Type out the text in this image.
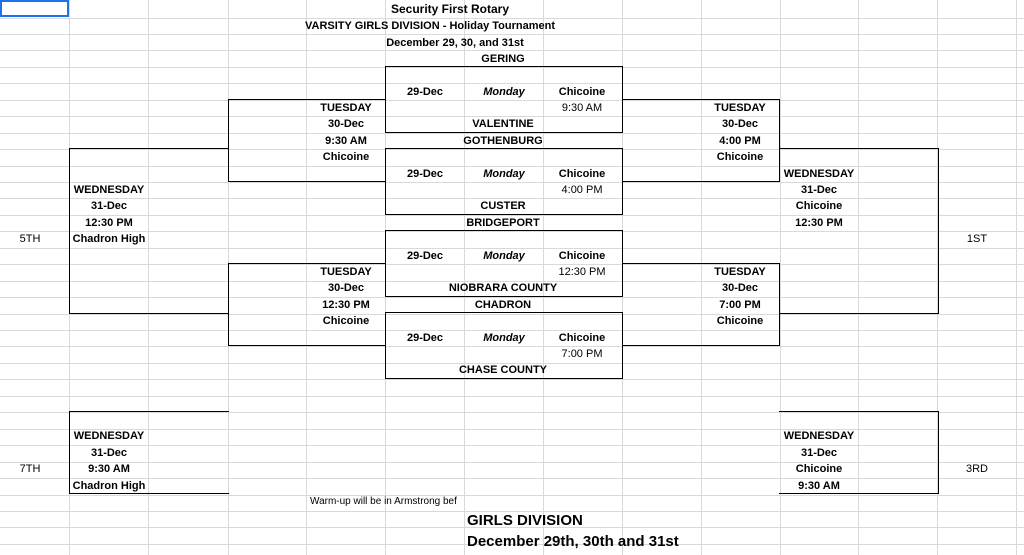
Security First Rotary
VARSITY GIRLS DIVISION - Holiday Tournament
December 29, 30, and 31st
GERING
VALENTINE
GOTHENBURG
CUSTER
BRIDGEPORT
NIOBRARA COUNTY
CHADRON
CHASE COUNTY
29-Dec	Monday	Chicoine
9:30 AM
29-Dec	Monday	Chicoine
4:00 PM
29-Dec	Monday	Chicoine
12:30 PM
29-Dec	Monday	Chicoine
7:00 PM
TUESDAY
30-Dec
9:30 AM
Chicoine
TUESDAY
30-Dec
12:30 PM
Chicoine
TUESDAY
30-Dec
4:00 PM
Chicoine
TUESDAY
30-Dec
7:00 PM
Chicoine
WEDNESDAY
31-Dec
12:30 PM
Chadron High
5TH
WEDNESDAY
31-Dec
Chicoine
12:30 PM
1ST
WEDNESDAY
31-Dec
9:30 AM
Chadron High
7TH
WEDNESDAY
31-Dec
Chicoine
9:30 AM
3RD
Warm-up will be in Armstrong bef
GIRLS DIVISION
December 29th, 30th and 31st
